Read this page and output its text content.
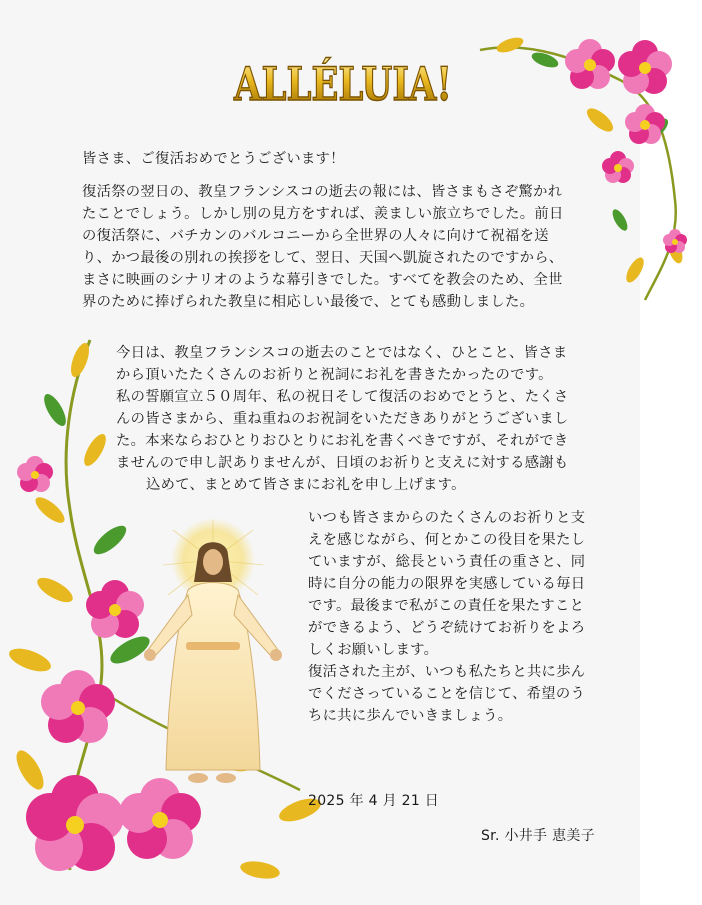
ALLÉLUIA!

皆さま、ご復活おめでとうございます！

復活祭の翌日の、教皇フランシスコの逝去の報には、皆さまもさぞ驚かれ
たことでしょう。しかし別の見方をすれば、羨ましい旅立ちでした。前日
の復活祭に、バチカンのバルコニーから全世界の人々に向けて祝福を送
り、かつ最後の別れの挨拶をして、翌日、天国へ凱旋されたのですから、
まさに映画のシナリオのような幕引きでした。すべてを教会のため、全世
界のために捧げられた教皇に相応しい最後で、とても感動しました。
今日は、教皇フランシスコの逝去のことではなく、ひとこと、皆さま
から頂いたたくさんのお祈りと祝詞にお礼を書きたかったのです。
私の誓願宣立５０周年、私の祝日そして復活のおめでとうと、たくさ
んの皆さまから、重ね重ねのお祝詞をいただきありがとうございまし
た。本来ならおひとりおひとりにお礼を書くべきですが、それができ
ませんので申し訳ありませんが、日頃のお祈りと支えに対する感謝も
込めて、まとめて皆さまにお礼を申し上げます。
いつも皆さまからのたくさんのお祈りと支
えを感じながら、何とかこの役目を果たし
ていますが、総長という責任の重さと、同
時に自分の能力の限界を実感している毎日
です。最後まで私がこの責任を果たすこと
ができるよう、どうぞ続けてお祈りをよろ
しくお願いします。
復活された主が、いつも私たちと共に歩ん
でくださっていることを信じて、希望のう
ちに共に歩んでいきましょう。

2025 年 4 月 21 日

Sr. 小井手 恵美子
